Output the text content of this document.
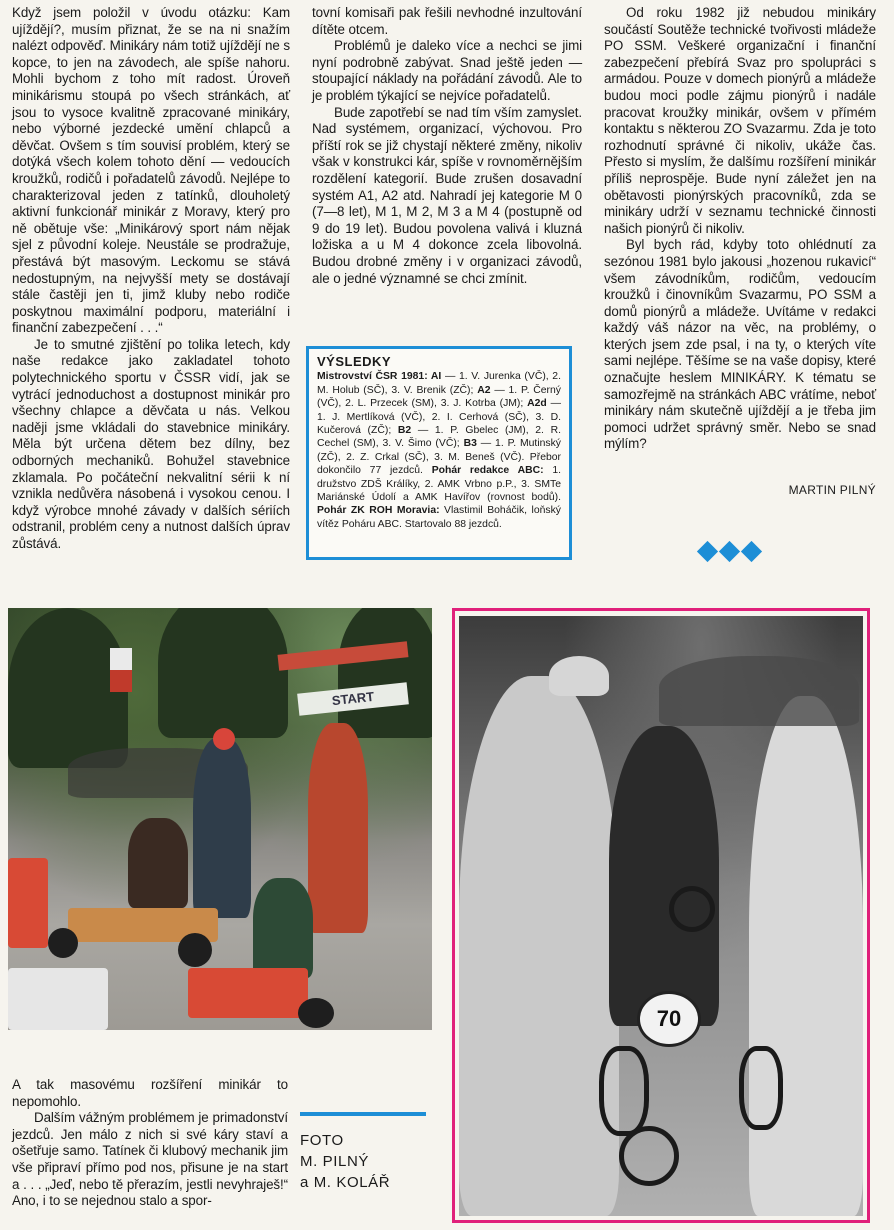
Když jsem položil v úvodu otázku: Kam ujíždějí?, musím přiznat, že se na ni snažím nalézt odpověď. Minikáry nám totiž ujíždějí ne s kopce, to jen na závodech, ale spíše nahoru. Mohli bychom z toho mít radost. Úroveň minikárismu stoupá po všech stránkách, ať jsou to vysoce kvalitně zpracované minikáry, nebo výborné jezdecké umění chlapců a děvčat. Ovšem s tím souvisí problém, který se dotýká všech kolem tohoto dění — vedoucích kroužků, rodičů i pořadatelů závodů. Nejlépe to charakterizoval jeden z tatínků, dlouholetý aktivní funkcionář minikár z Moravy, který pro ně obětuje vše: „Minikárový sport nám nějak sjel z původní koleje. Neustále se prodražuje, přestává být masovým. Leckomu se stává nedostupným, na nejvyšší mety se dostávají stále častěji jen ti, jimž kluby nebo rodiče poskytnou maximální podporu, materiální i finanční zabezpečení . . .“

Je to smutné zjištění po tolika letech, kdy naše redakce jako zakladatel tohoto polytechnického sportu v ČSSR vidí, jak se vytrácí jednoduchost a dostupnost minikár pro všechny chlapce a děvčata u nás. Velkou naději jsme vkládali do stavebnice minikáry. Měla být určena dětem bez dílny, bez odborných mechaniků. Bohužel stavebnice zklamala. Po počáteční nekvalitní sérii k ní vznikla nedůvěra násobená i vysokou cenou. I když výrobce mnohé závady v dalších sériích odstranil, problém ceny a nutnost dalších úprav zůstává.

tovní komisaři pak řešili nevhodné inzultování dítěte otcem.

Problémů je daleko více a nechci se jimi nyní podrobně zabývat. Snad ještě jeden — stoupající náklady na pořádání závodů. Ale to je problém týkající se nejvíce pořadatelů.

Bude zapotřebí se nad tím vším zamyslet. Nad systémem, organizací, výchovou. Pro příští rok se již chystají některé změny, nikoliv však v konstrukci kár, spíše v rovnoměrnějším rozdělení kategorií. Bude zrušen dosavadní systém A1, A2 atd. Nahradí jej kategorie M 0 (7—8 let), M 1, M 2, M 3 a M 4 (postupně od 9 do 19 let). Budou povolena valivá i kluzná ložiska a u M 4 dokonce zcela libovolná. Budou drobné změny i v organizaci závodů, ale o jedné významné se chci zmínit.

Od roku 1982 již nebudou minikáry součástí Soutěže technické tvořivosti mládeže PO SSM. Veškeré organizační i finanční zabezpečení přebírá Svaz pro spolupráci s armádou. Pouze v domech pionýrů a mládeže budou moci podle zájmu pionýrů i nadále pracovat kroužky minikár, ovšem v přímém kontaktu s některou ZO Svazarmu. Zda je toto rozhodnutí správné či nikoliv, ukáže čas. Přesto si myslím, že dalšímu rozšíření minikár příliš neprospěje. Bude nyní záležet jen na obětavosti pionýrských pracovníků, zda se minikáry udrží v seznamu technické činnosti našich pionýrů či nikoliv.

Byl bych rád, kdyby toto ohlédnutí za sezónou 1981 bylo jakousi „hozenou rukavicí“ všem závodníkům, rodičům, vedoucím kroužků i činovníkům Svazarmu, PO SSM a domů pionýrů a mládeže. Uvítáme v redakci každý váš názor na věc, na problémy, o kterých jsem zde psal, i na ty, o kterých víte sami nejlépe. Těšíme se na vaše dopisy, které označujte heslem MINIKÁRY. K tématu se samozřejmě na stránkách ABC vrátíme, neboť minikáry nám skutečně ujíždějí a je třeba jim pomoci udržet správný směr. Nebo se snad mýlím?

MARTIN PILNÝ
VÝSLEDKY
Mistrovství ČSR 1981: AI — 1. V. Jurenka (VČ), 2. M. Holub (SČ), 3. V. Brenik (ZČ); A2 — 1. P. Černý (VČ), 2. L. Przecek (SM), 3. J. Kotrba (JM); A2d — 1. J. Mertlíková (VČ), 2. I. Cerhová (SČ), 3. D. Kučerová (ZČ); B2 — 1. P. Gbelec (JM), 2. R. Cechel (SM), 3. V. Šimo (VČ); B3 — 1. P. Mutinský (ZČ), 2. Z. Crkal (SČ), 3. M. Beneš (VČ). Přebor dokončilo 77 jezdců. Pohár redakce ABC: 1. družstvo ZDŠ Králíky, 2. AMK Vrbno p.P., 3. SMTe Mariánské Údolí a AMK Havířov (rovnost bodů). Pohár ZK ROH Moravia: Vlastimil Boháčik, loňský vítěz Poháru ABC. Startovalo 88 jezdců.
START
70

A tak masovému rozšíření minikár to nepomohlo.

Dalším vážným problémem je primadonství jezdců. Jen málo z nich si své káry staví a ošetřuje samo. Tatínek či klubový mechanik jim vše připraví přímo pod nos, přisune je na start a . . . „Jeď, nebo tě přerazím, jestli nevyhraješ!“ Ano, i to se nejednou stalo a spor-

FOTO
M. PILNÝ
a M. KOLÁŘ
